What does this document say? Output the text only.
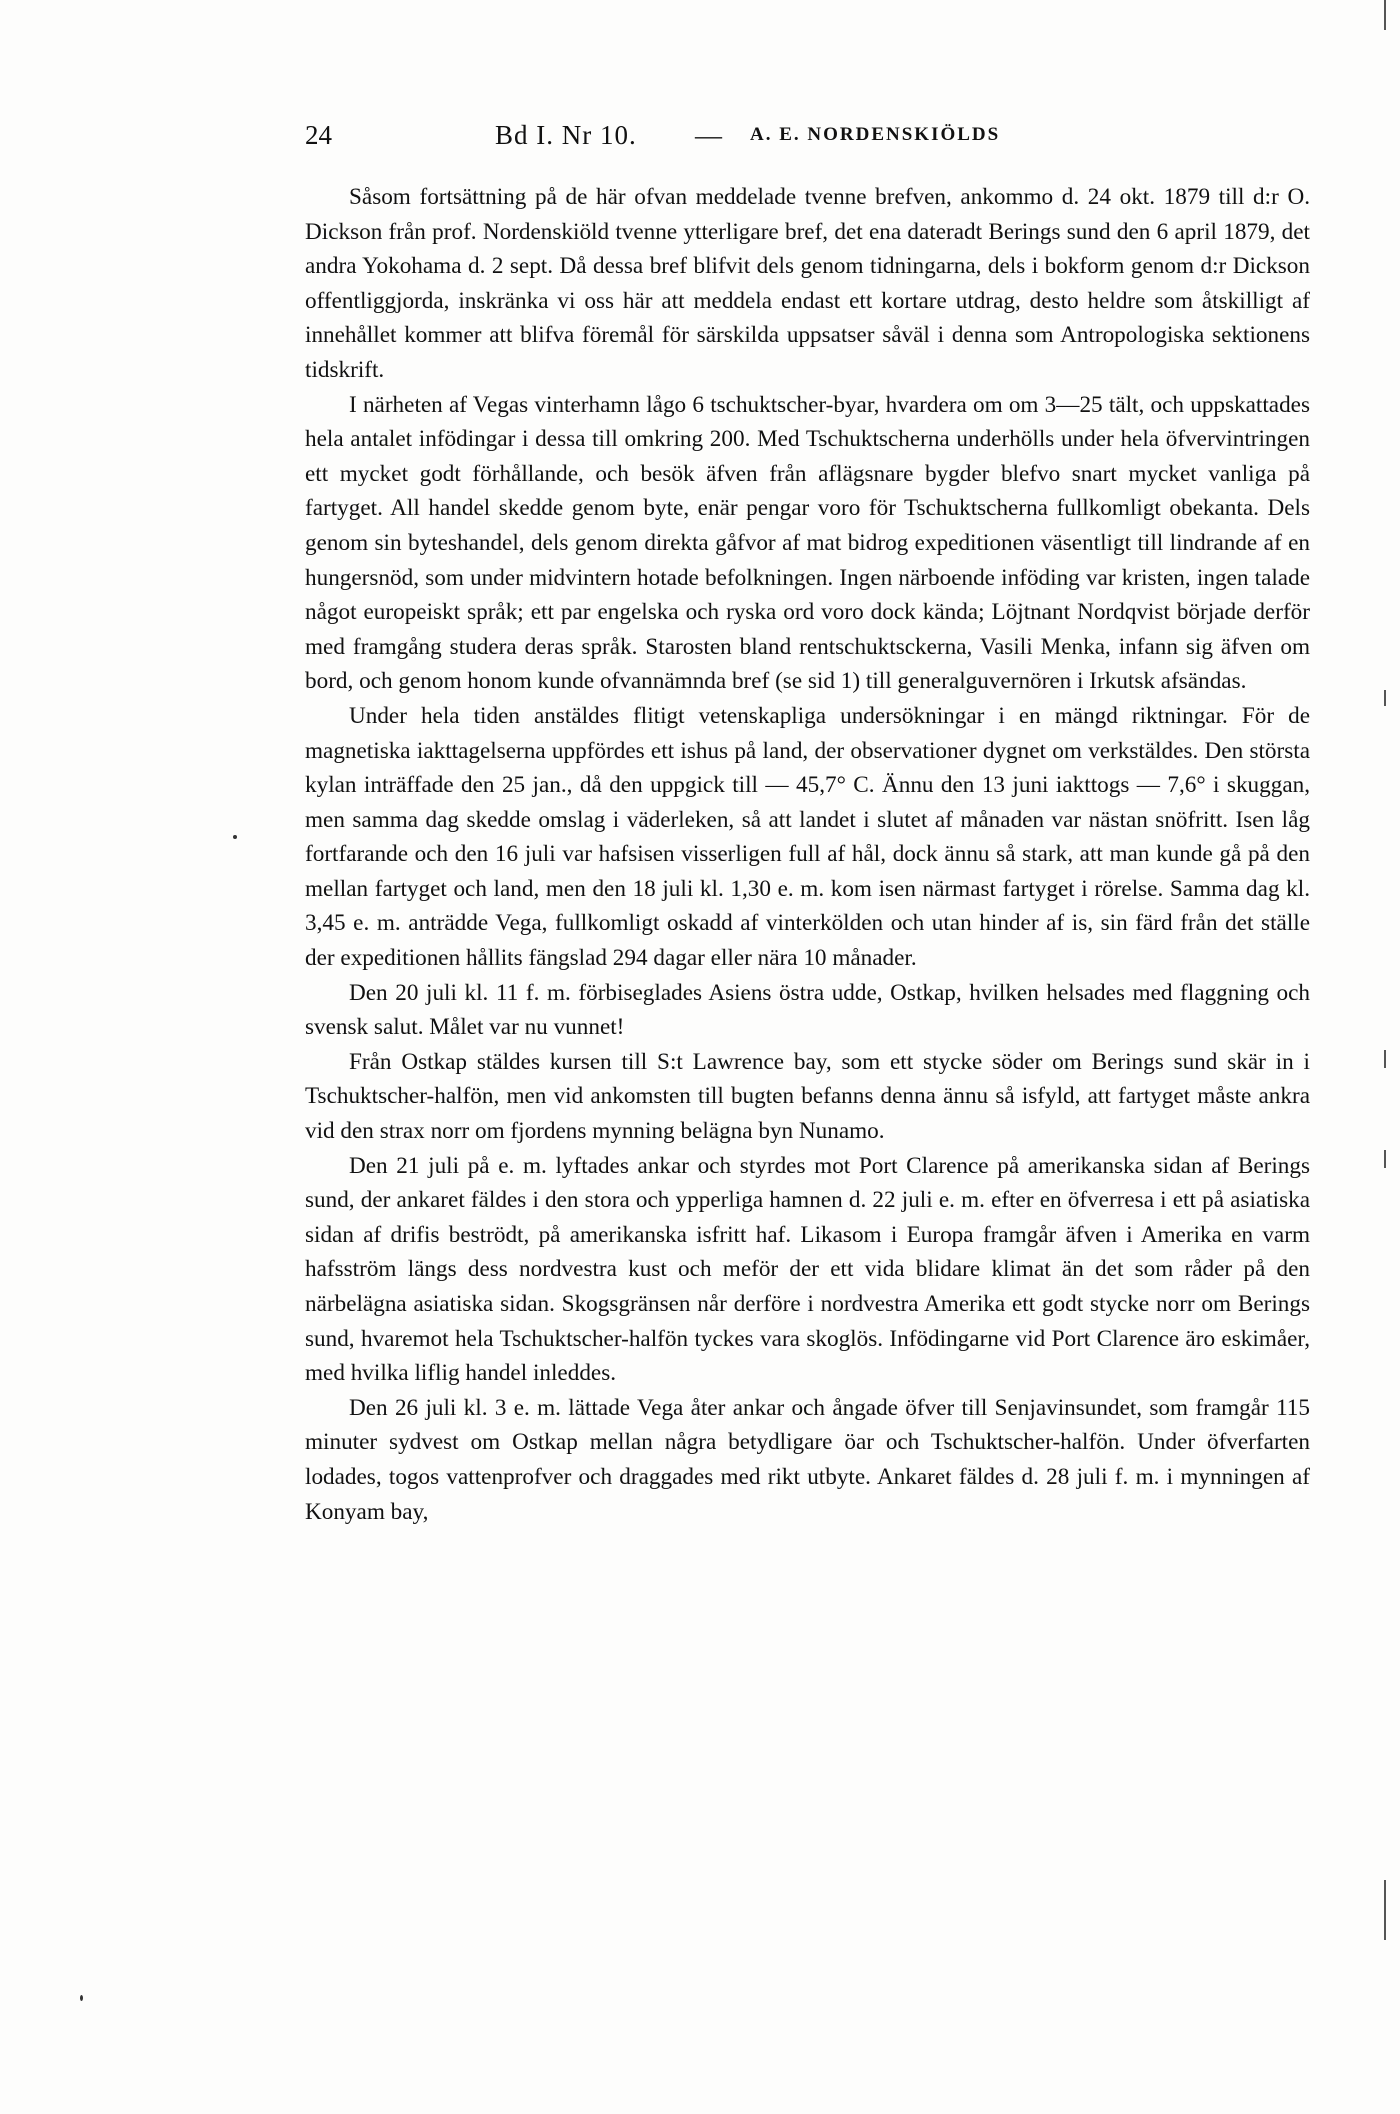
24	Bd I. Nr 10. — A. E. NORDENSKIÖLDS

Såsom fortsättning på de här ofvan meddelade tvenne brefven, ankommo d. 24 okt. 1879 till d:r O. Dickson från prof. Nordenskiöld tvenne ytterligare bref, det ena dateradt Berings sund den 6 april 1879, det andra Yokohama d. 2 sept. Då dessa bref blifvit dels genom tidningarna, dels i bokform genom d:r Dickson offentliggjorda, inskränka vi oss här att meddela endast ett kortare utdrag, desto heldre som åtskilligt af innehållet kommer att blifva föremål för särskilda uppsatser såväl i denna som Antropologiska sektionens tidskrift.

I närheten af Vegas vinterhamn lågo 6 tschuktscher-byar, hvardera om om 3—25 tält, och uppskattades hela antalet infödingar i dessa till omkring 200. Med Tschuktscherna underhölls under hela öfvervintringen ett mycket godt förhållande, och besök äfven från aflägsnare bygder blefvo snart mycket vanliga på fartyget. All handel skedde genom byte, enär pengar voro för Tschuktscherna fullkomligt obekanta. Dels genom sin byteshandel, dels genom direkta gåfvor af mat bidrog expeditionen väsentligt till lindrande af en hungersnöd, som under midvintern hotade befolkningen. Ingen närboende inföding var kristen, ingen talade något europeiskt språk; ett par engelska och ryska ord voro dock kända; Löjtnant Nordqvist började derför med framgång studera deras språk. Starosten bland rentschuktsckerna, Vasili Menka, infann sig äfven om bord, och genom honom kunde ofvannämnda bref (se sid 1) till generalguvernören i Irkutsk afsändas.

Under hela tiden anstäldes flitigt vetenskapliga undersökningar i en mängd riktningar. För de magnetiska iakttagelserna uppfördes ett ishus på land, der observationer dygnet om verkstäldes. Den största kylan inträffade den 25 jan., då den uppgick till — 45,7° C. Ännu den 13 juni iakttogs — 7,6° i skuggan, men samma dag skedde omslag i väderleken, så att landet i slutet af månaden var nästan snöfritt. Isen låg fortfarande och den 16 juli var hafsisen visserligen full af hål, dock ännu så stark, att man kunde gå på den mellan fartyget och land, men den 18 juli kl. 1,30 e. m. kom isen närmast fartyget i rörelse. Samma dag kl. 3,45 e. m. anträdde Vega, fullkomligt oskadd af vinterkölden och utan hinder af is, sin färd från det ställe der expeditionen hållits fängslad 294 dagar eller nära 10 månader.

Den 20 juli kl. 11 f. m. förbiseglades Asiens östra udde, Ostkap, hvilken helsades med flaggning och svensk salut. Målet var nu vunnet!

Från Ostkap stäldes kursen till S:t Lawrence bay, som ett stycke söder om Berings sund skär in i Tschuktscher-halfön, men vid ankomsten till bugten befanns denna ännu så isfyld, att fartyget måste ankra vid den strax norr om fjordens mynning belägna byn Nunamo.

Den 21 juli på e. m. lyftades ankar och styrdes mot Port Clarence på amerikanska sidan af Berings sund, der ankaret fäldes i den stora och ypperliga hamnen d. 22 juli e. m. efter en öfverresa i ett på asiatiska sidan af drifis beströdt, på amerikanska isfritt haf. Likasom i Europa framgår äfven i Amerika en varm hafsström längs dess nordvestra kust och meför der ett vida blidare klimat än det som råder på den närbelägna asiatiska sidan. Skogsgränsen når derföre i nordvestra Amerika ett godt stycke norr om Berings sund, hvaremot hela Tschuktscher-halfön tyckes vara skoglös. Infödingarne vid Port Clarence äro eskimåer, med hvilka liflig handel inleddes.

Den 26 juli kl. 3 e. m. lättade Vega åter ankar och ångade öfver till Senjavinsundet, som framgår 115 minuter sydvest om Ostkap mellan några betydligare öar och Tschuktscher-halfön. Under öfverfarten lodades, togos vattenprofver och draggades med rikt utbyte. Ankaret fäldes d. 28 juli f. m. i mynningen af Konyam bay,
